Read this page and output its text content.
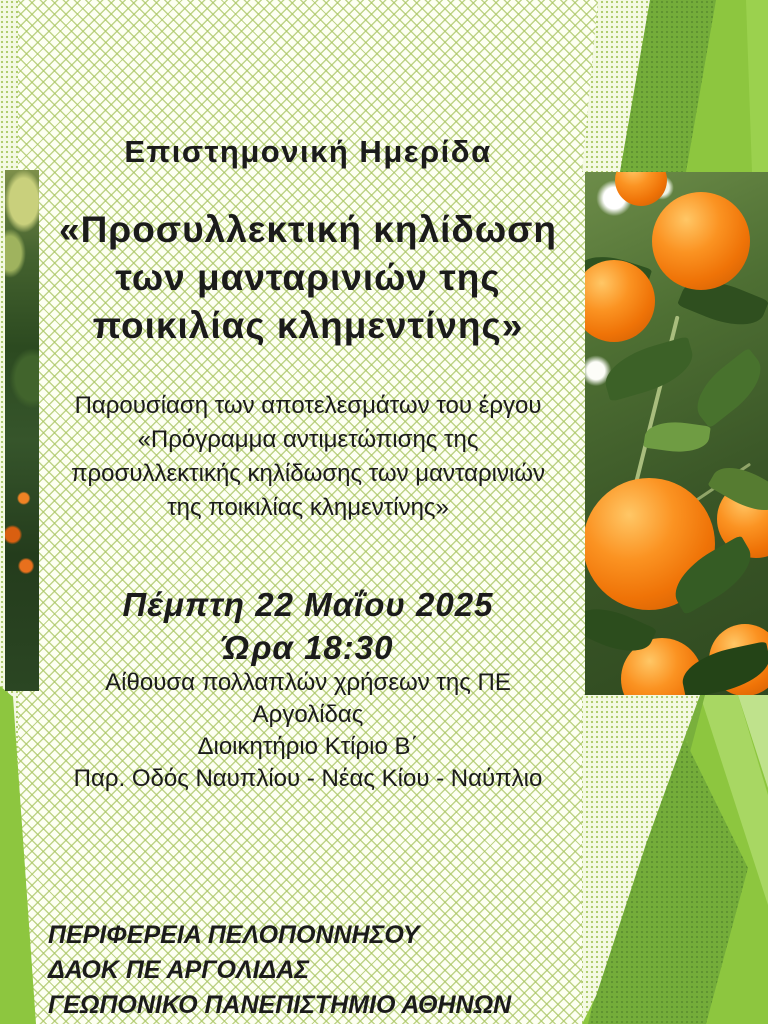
Επιστημονική Ημερίδα
«Προσυλλεκτική κηλίδωση
των μανταρινιών της
ποικιλίας κλημεντίνης»
Παρουσίαση των αποτελεσμάτων του έργου
«Πρόγραμμα αντιμετώπισης της
προσυλλεκτικής κηλίδωσης των μανταρινιών
της ποικιλίας κλημεντίνης»
Πέμπτη 22 Μαΐου 2025
Ώρα 18:30
Αίθουσα πολλαπλών χρήσεων της ΠΕ
Αργολίδας
Διοικητήριο Κτίριο Β΄
Παρ. Οδός Ναυπλίου - Νέας Κίου - Ναύπλιο
ΠΕΡΙΦΕΡΕΙΑ ΠΕΛΟΠΟΝΝΗΣΟΥ
ΔΑΟΚ ΠΕ ΑΡΓΟΛΙΔΑΣ
ΓΕΩΠΟΝΙΚΟ ΠΑΝΕΠΙΣΤΗΜΙΟ ΑΘΗΝΩΝ
